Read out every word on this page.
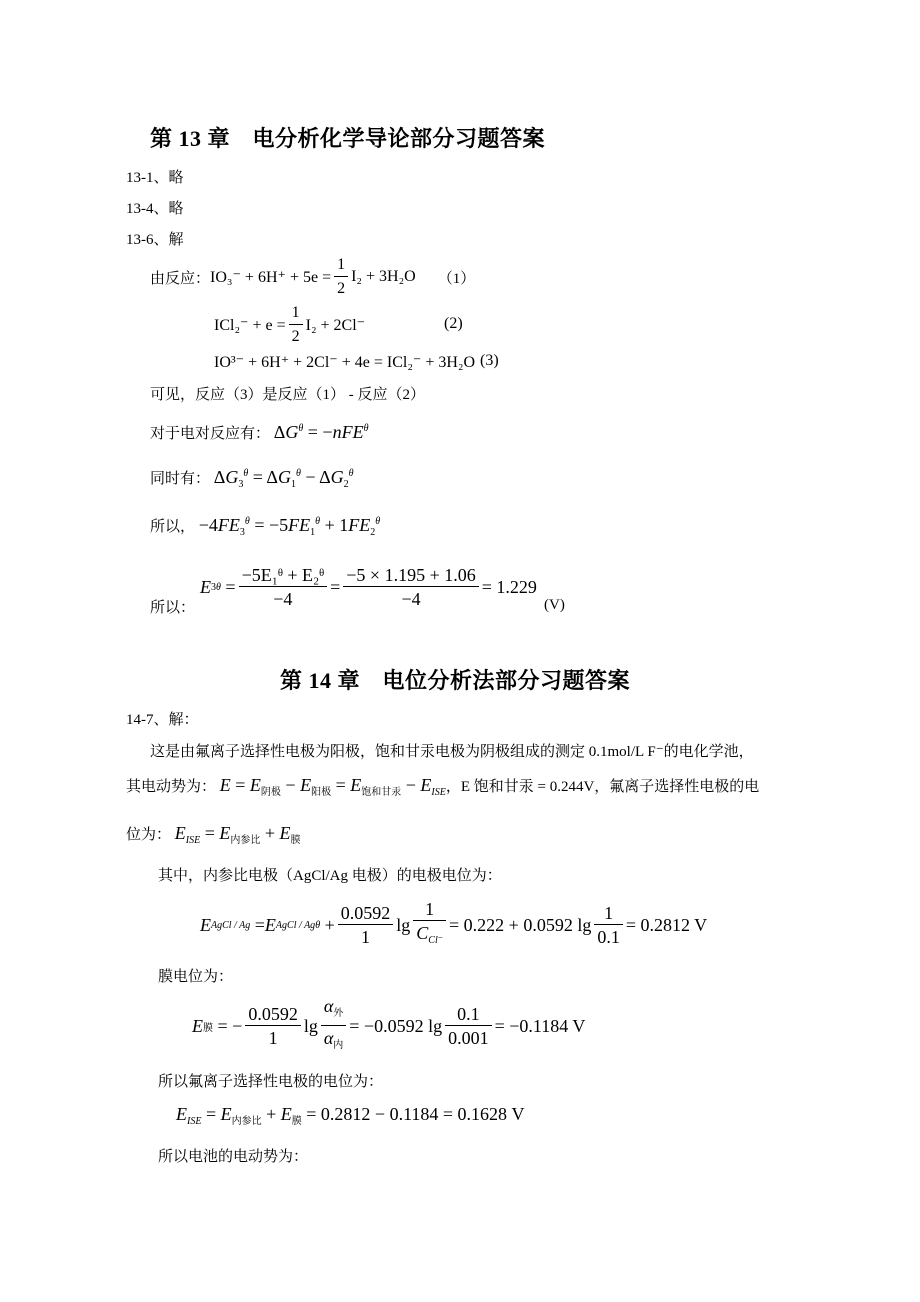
第 13 章　电分析化学导论部分习题答案
13-1、略
13-4、略
13-6、解
由反应： $IO_3^- + 6H^+ + 5e = \frac{1}{2} I_2 + 3H_2O$ （1）
$ICl_2^- + e = \frac{1}{2} I_2 + 2Cl^-$	(2)
IO³⁻ + 6H⁺ + 2Cl⁻ + 4e = ICl₂⁻ + 3H₂O (3)
可见，反应（3）是反应（1） - 反应（2）
对于电对反应有： $\Delta G^\theta = -nFE^\theta$
同时有： $\Delta G_3^\theta = \Delta G_1^\theta - \Delta G_2^\theta$
所以， $-4FE_3^\theta = -5FE_1^\theta + 1FE_2^\theta$
所以：
E 3 $\theta = \frac{\text{−5E₁ᶿ + E₂ᶿ}}{-4} = \frac{-5 \times 1.195 + 1.06}{-4} = 1.229$
(V)
第 14 章　电位分析法部分习题答案
14-7、解：
这是由氟离子选择性电极为阳极，饱和甘汞电极为阴极组成的测定 0.1mol/L F⁻的电化学池，
其电动势为： $E = E_{阴极} - E_{阳极} = E_{饱和甘汞} - E_{ISE}$，E 饱和甘汞 = 0.244V，氟离子选择性电极的电
位为： $E_{ISE} = E_{内参比} + E_膜$
其中，内参比电极（AgCl/Ag 电极）的电极电位为：
E AgCl / Ag = E AgCl / Ag $\theta + \frac{0.0592}{1}$ $\lg \frac{1}{C_{Cl^-}} = 0.222 + 0.0592$ $\lg \frac{1}{0.1} = 0.2812$ V
膜电位为：
E 膜 = − $\frac{0.0592}{1}$ $\lg \frac{\alpha_外}{\alpha_内} = -0.0592$ $\lg \frac{0.1}{0.001} = -0.1184$ V
所以氟离子选择性电极的电位为：
$E_{ISE} = E_{内参比} + E_膜 = 0.2812 - 0.1184 = 0.1628$ V
所以电池的电动势为：
